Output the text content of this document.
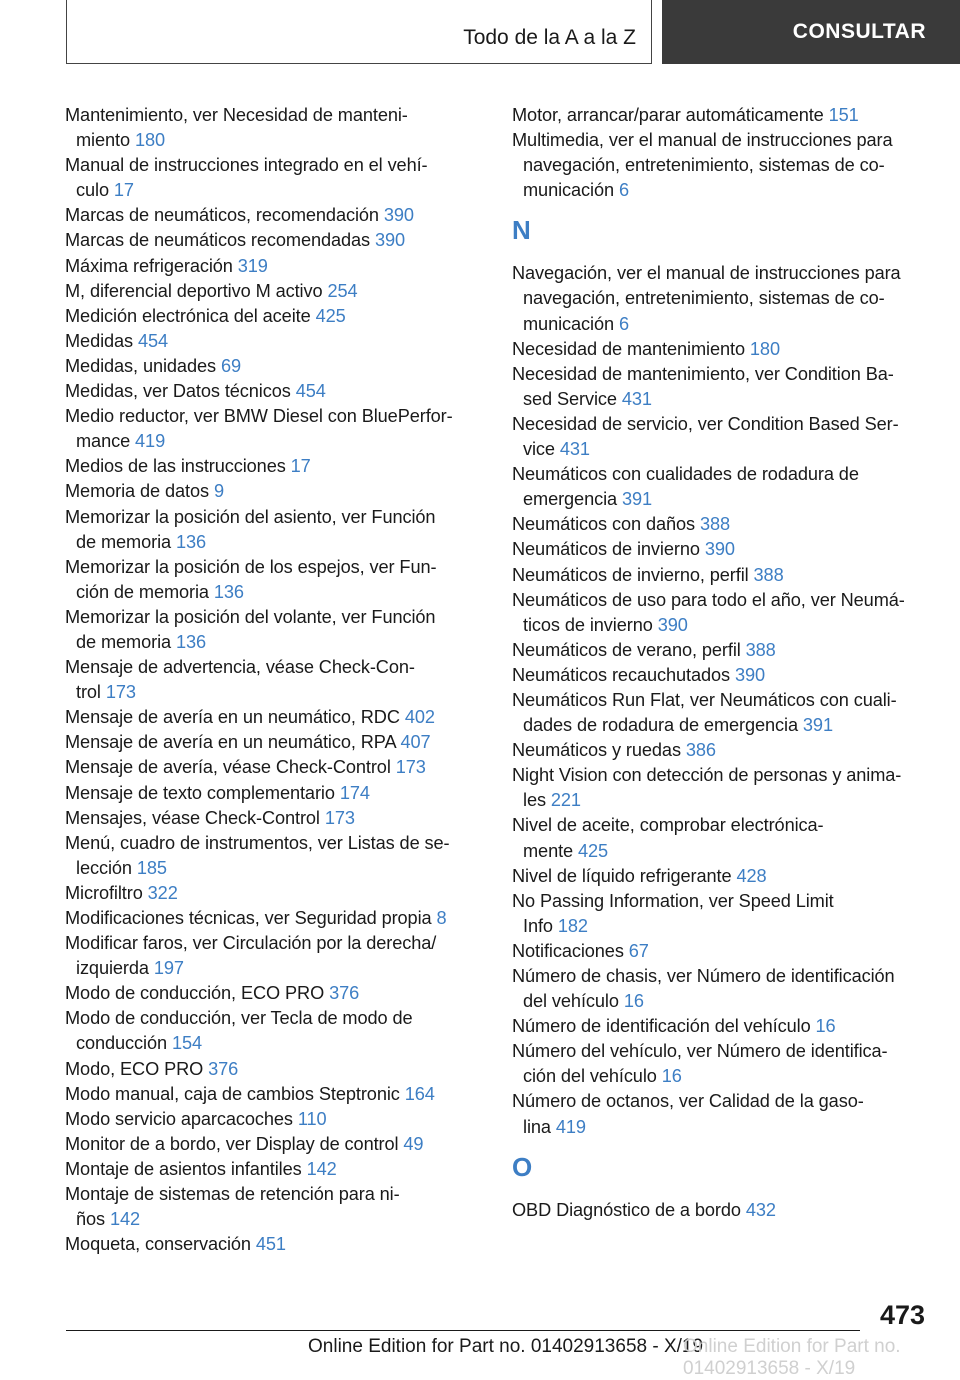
Todo de la A a la Z	CONSULTAR
Mantenimiento, ver Necesidad de manteni‐
miento 180
Manual de instrucciones integrado en el vehí‐
culo 17
Marcas de neumáticos, recomendación 390
Marcas de neumáticos recomendadas 390
Máxima refrigeración 319
M, diferencial deportivo M activo 254
Medición electrónica del aceite 425
Medidas 454
Medidas, unidades 69
Medidas, ver Datos técnicos 454
Medio reductor, ver BMW Diesel con BluePerfor‐
mance 419
Medios de las instrucciones 17
Memoria de datos 9
Memorizar la posición del asiento, ver Función
de memoria 136
Memorizar la posición de los espejos, ver Fun‐
ción de memoria 136
Memorizar la posición del volante, ver Función
de memoria 136
Mensaje de advertencia, véase Check-Con‐
trol 173
Mensaje de avería en un neumático, RDC 402
Mensaje de avería en un neumático, RPA 407
Mensaje de avería, véase Check-Control 173
Mensaje de texto complementario 174
Mensajes, véase Check-Control 173
Menú, cuadro de instrumentos, ver Listas de se‐
lección 185
Microfiltro 322
Modificaciones técnicas, ver Seguridad propia 8
Modificar faros, ver Circulación por la derecha/
izquierda 197
Modo de conducción, ECO PRO 376
Modo de conducción, ver Tecla de modo de
conducción 154
Modo, ECO PRO 376
Modo manual, caja de cambios Steptronic 164
Modo servicio aparcacoches 110
Monitor de a bordo, ver Display de control 49
Montaje de asientos infantiles 142
Montaje de sistemas de retención para ni‐
ños 142
Moqueta, conservación 451
Motor, arrancar/parar automáticamente 151
Multimedia, ver el manual de instrucciones para
navegación, entretenimiento, sistemas de co‐
municación 6
N
Navegación, ver el manual de instrucciones para
navegación, entretenimiento, sistemas de co‐
municación 6
Necesidad de mantenimiento 180
Necesidad de mantenimiento, ver Condition Ba‐
sed Service 431
Necesidad de servicio, ver Condition Based Ser‐
vice 431
Neumáticos con cualidades de rodadura de
emergencia 391
Neumáticos con daños 388
Neumáticos de invierno 390
Neumáticos de invierno, perfil 388
Neumáticos de uso para todo el año, ver Neumá‐
ticos de invierno 390
Neumáticos de verano, perfil 388
Neumáticos recauchutados 390
Neumáticos Run Flat, ver Neumáticos con cuali‐
dades de rodadura de emergencia 391
Neumáticos y ruedas 386
Night Vision con detección de personas y anima‐
les 221
Nivel de aceite, comprobar electrónica‐
mente 425
Nivel de líquido refrigerante 428
No Passing Information, ver Speed Limit
Info 182
Notificaciones 67
Número de chasis, ver Número de identificación
del vehículo 16
Número de identificación del vehículo 16
Número del vehículo, ver Número de identifica‐
ción del vehículo 16
Número de octanos, ver Calidad de la gaso‐
lina 419
O
OBD Diagnóstico de a bordo 432
473
Online Edition for Part no. 01402913658 - X/19
Online Edition for Part no. 01402913658 - X/19
